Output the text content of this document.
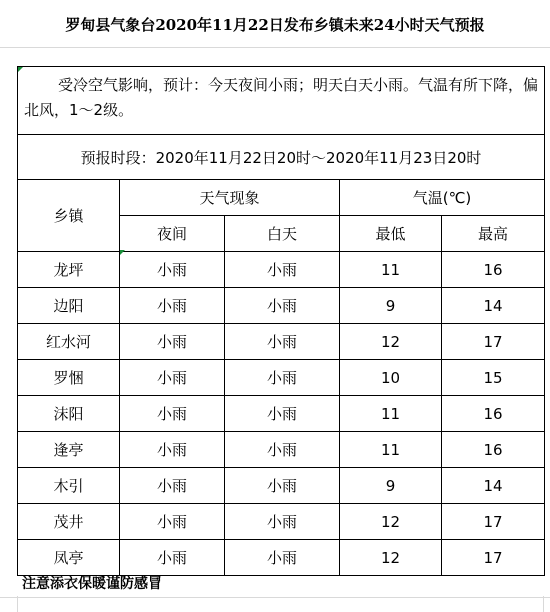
罗甸县气象台2020年11月22日发布乡镇未来24小时天气预报
受冷空气影响，预计：今天夜间小雨；明天白天小雨。气温有所下降，偏北风，1～2级。				
预报时段：2020年11月22日20时～2020年11月23日20时				
乡镇	天气现象		气温(℃)	
	夜间	白天	最低	最高
龙坪	小雨	小雨	11	16
边阳	小雨	小雨	9	14
红水河	小雨	小雨	12	17
罗悃	小雨	小雨	10	15
沫阳	小雨	小雨	11	16
逢亭	小雨	小雨	11	16
木引	小雨	小雨	9	14
茂井	小雨	小雨	12	17
凤亭	小雨	小雨	12	17
注意添衣保暖谨防感冒
